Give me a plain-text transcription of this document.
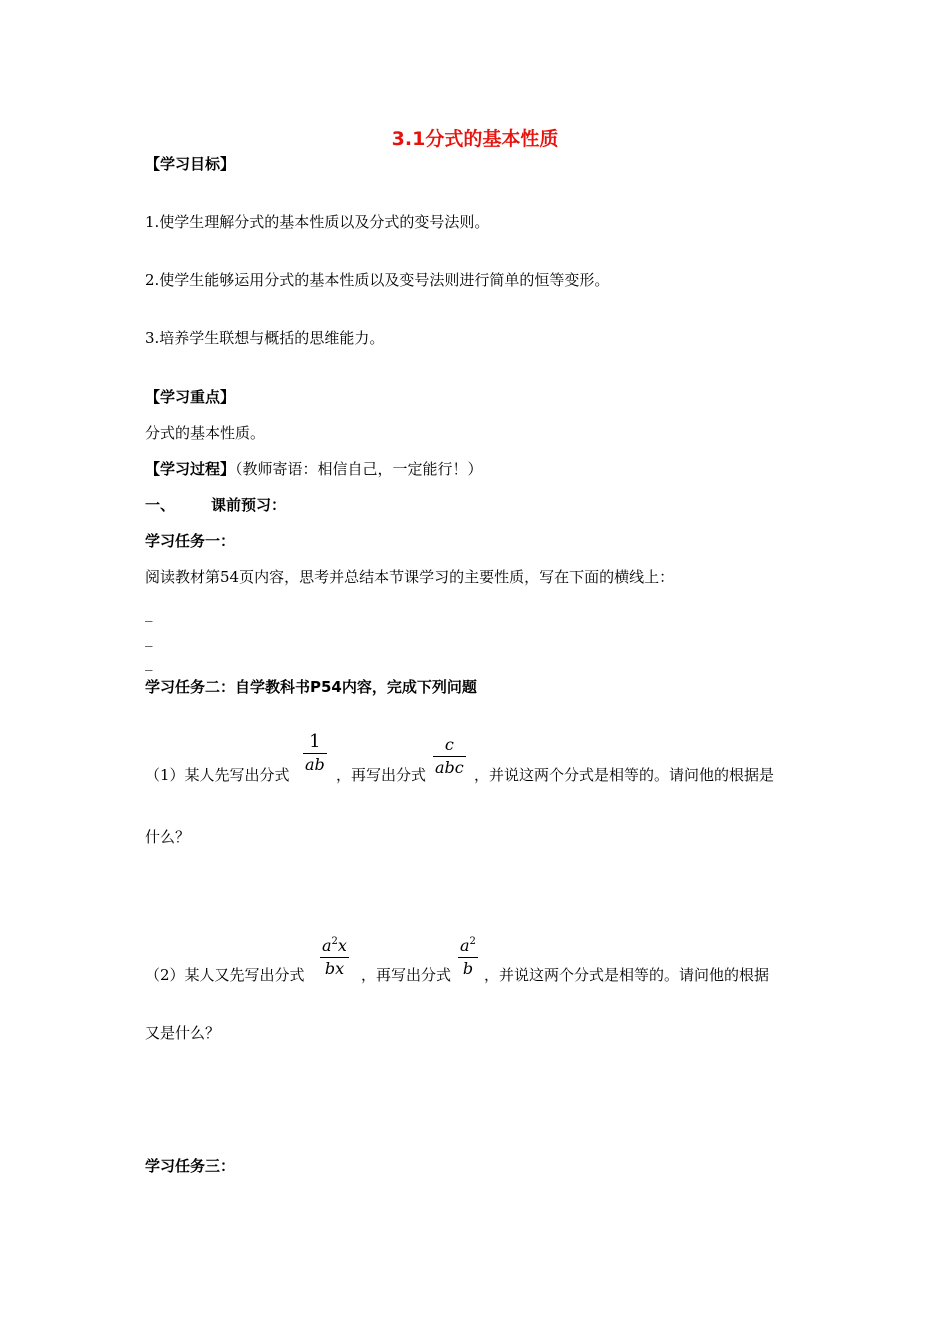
3.1分式的基本性质
【学习目标】
1.使学生理解分式的基本性质以及分式的变号法则。
2.使学生能够运用分式的基本性质以及变号法则进行简单的恒等变形。
3.培养学生联想与概括的思维能力。
【学习重点】
分式的基本性质。
【学习过程】（教师寄语：相信自己，一定能行！）
一、 课前预习：
学习任务一：
阅读教材第54页内容，思考并总结本节课学习的主要性质，写在下面的横线上：
_
_
_
学习任务二：自学教科书P54内容，完成下列问题
（1）某人先写出分式
1
ab
，再写出分式
c
abc ，并说这两个分式是相等的。请问他的根据是
什么？
（2）某人又先写出分式
$a^2x$
bx	，再写出分式
$a^2$
b ，并说这两个分式是相等的。请问他的根据
又是什么？
学习任务三：
